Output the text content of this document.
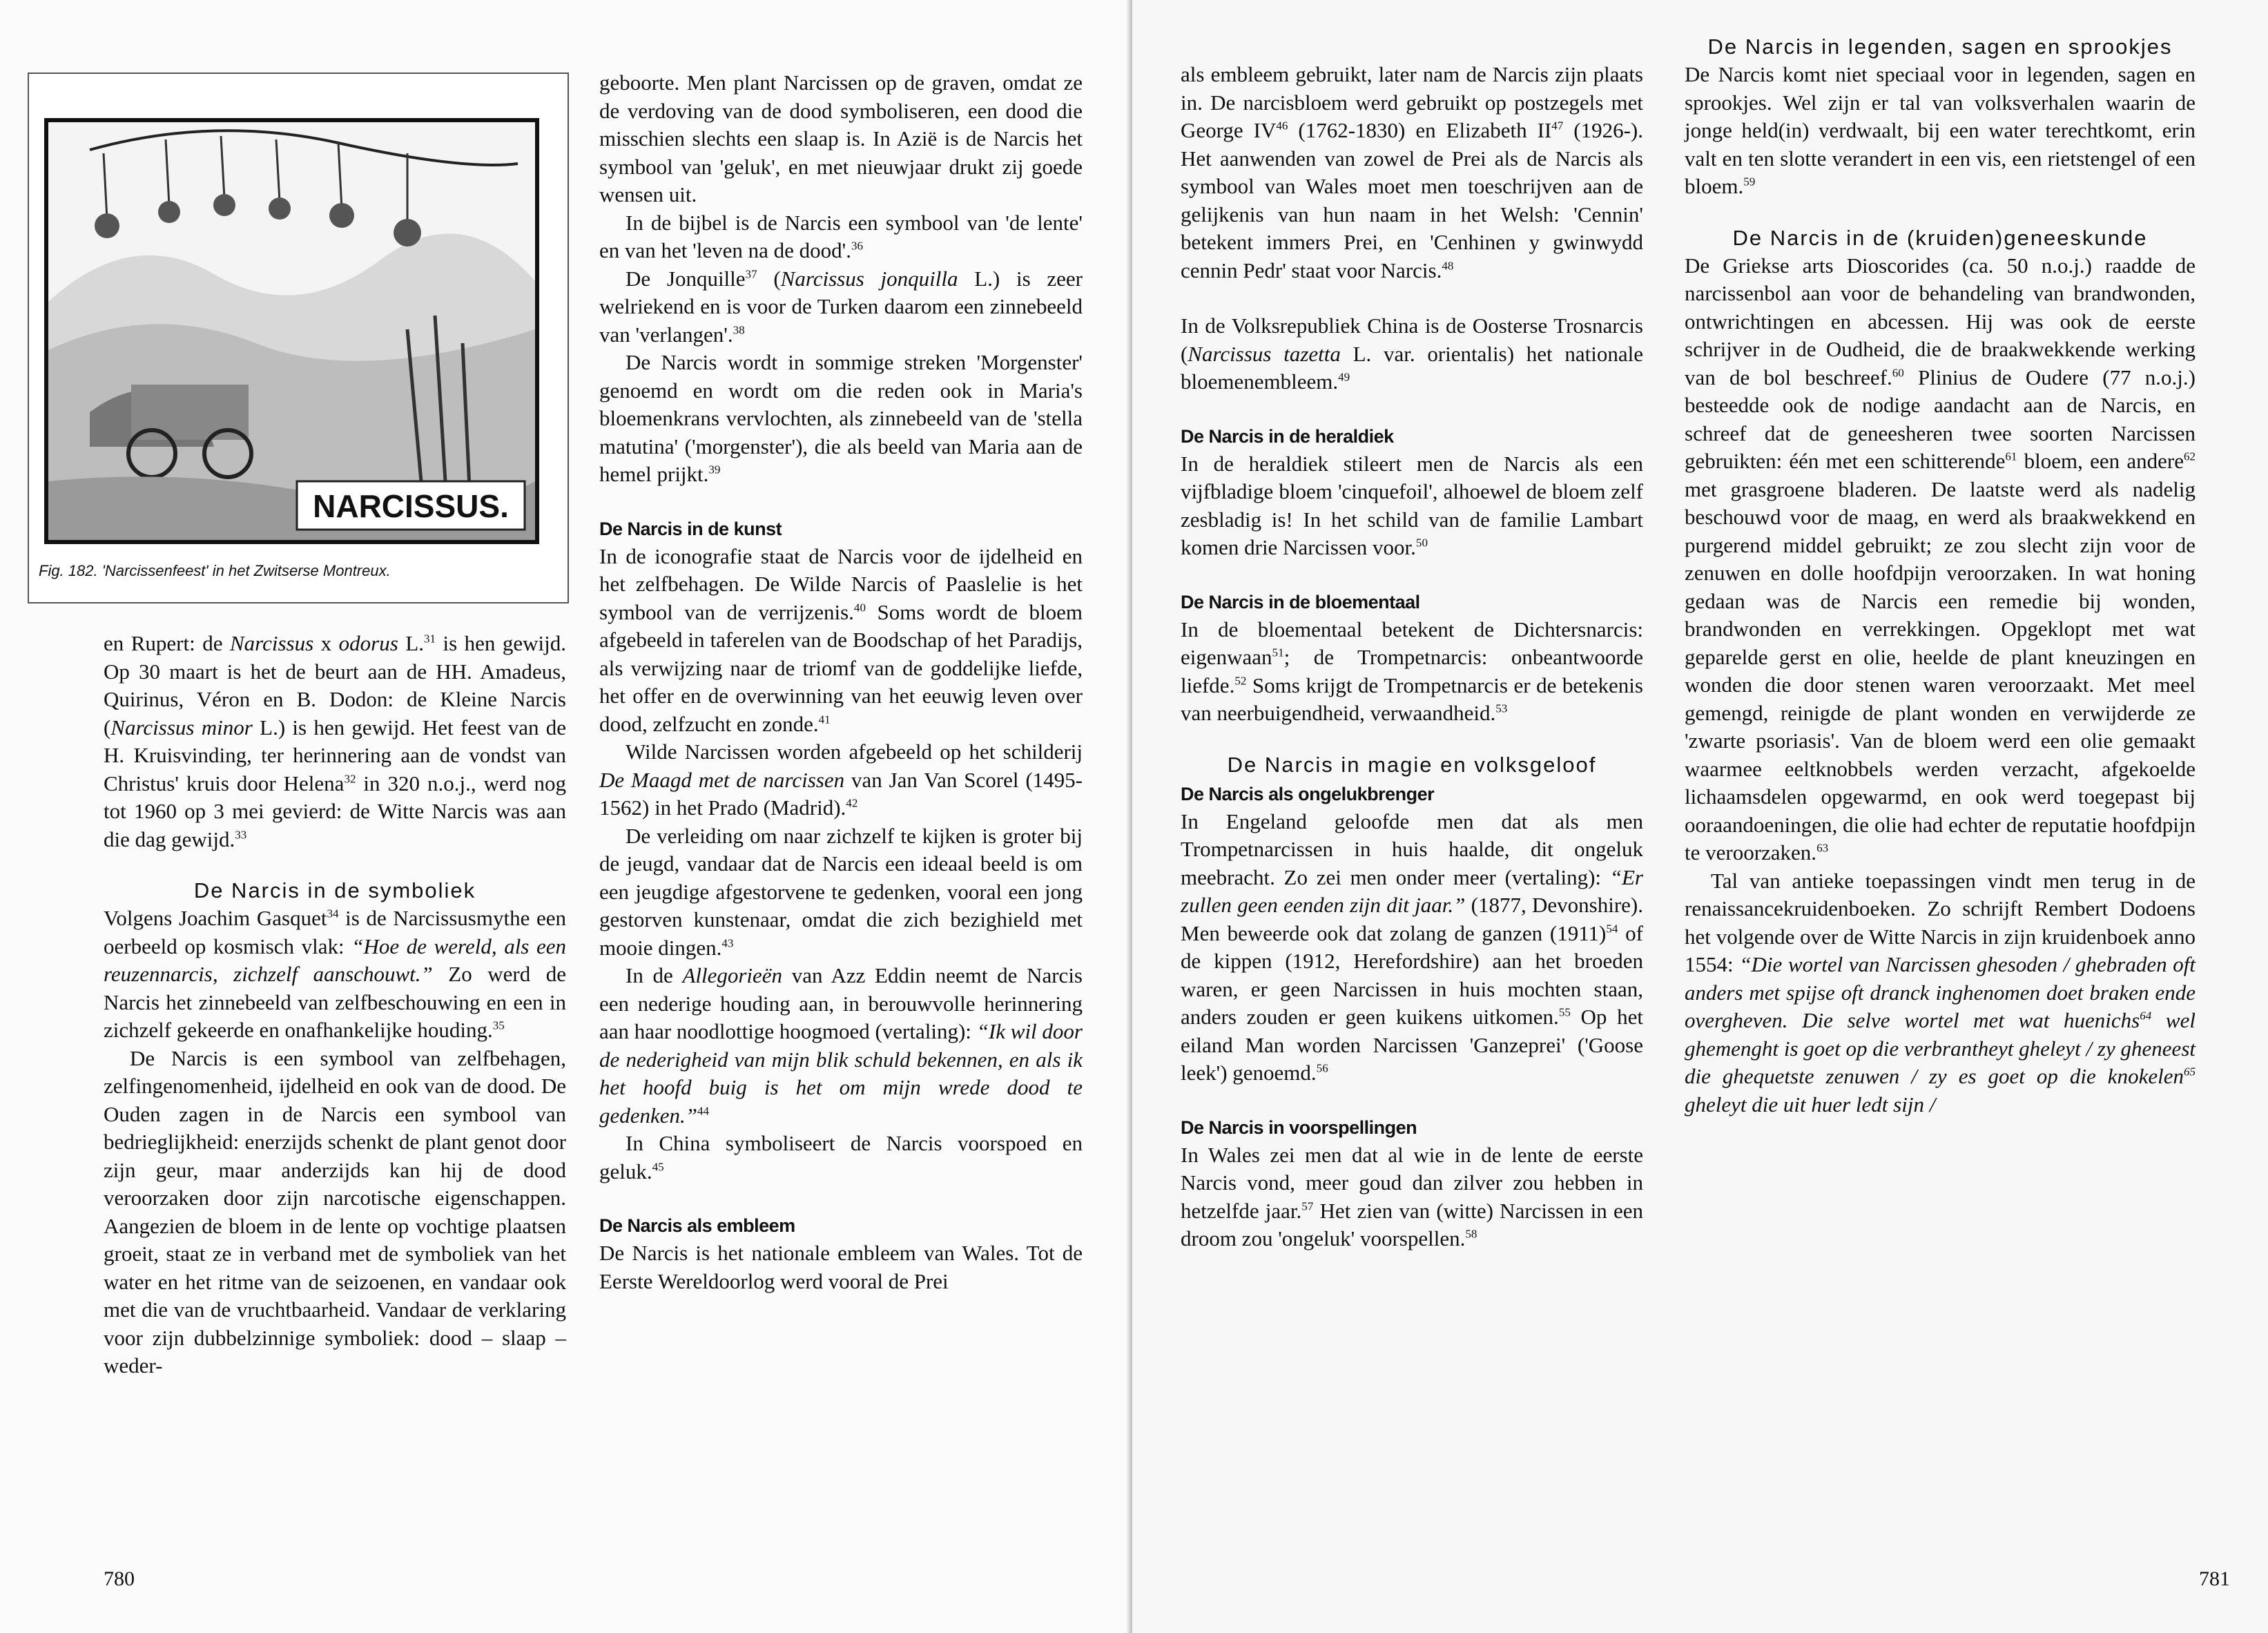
NARCISSUS.
Fig. 182. 'Narcissenfeest' in het Zwitserse Montreux.

en Rupert: de Narcissus x odorus L.$^{31}$ is hen gewijd. Op 30 maart is het de beurt aan de HH. Amadeus, Quirinus, Véron en B. Dodon: de Kleine Narcis (Narcissus minor L.) is hen gewijd. Het feest van de H. Kruisvinding, ter herinnering aan de vondst van Christus' kruis door Helena$^{32}$ in 320 n.o.j., werd nog tot 1960 op 3 mei gevierd: de Witte Narcis was aan die dag gewijd.$^{33}$

De Narcis in de symboliek

Volgens Joachim Gasquet$^{34}$ is de Narcissusmythe een oerbeeld op kosmisch vlak: “Hoe de wereld, als een reuzennarcis, zichzelf aanschouwt.” Zo werd de Narcis het zinnebeeld van zelfbeschouwing en een in zichzelf gekeerde en onafhankelijke houding.$^{35}$

De Narcis is een symbool van zelfbehagen, zelfingenomenheid, ijdelheid en ook van de dood. De Ouden zagen in de Narcis een symbool van bedrieglijkheid: enerzijds schenkt de plant genot door zijn geur, maar anderzijds kan hij de dood veroorzaken door zijn narcotische eigenschappen. Aangezien de bloem in de lente op vochtige plaatsen groeit, staat ze in verband met de symboliek van het water en het ritme van de seizoenen, en vandaar ook met die van de vruchtbaarheid. Vandaar de verklaring voor zijn dubbelzinnige symboliek: dood – slaap – weder-

geboorte. Men plant Narcissen op de graven, omdat ze de verdoving van de dood symboliseren, een dood die misschien slechts een slaap is. In Azië is de Narcis het symbool van 'geluk', en met nieuwjaar drukt zij goede wensen uit.

In de bijbel is de Narcis een symbool van 'de lente' en van het 'leven na de dood'.$^{36}$

De Jonquille$^{37}$ (Narcissus jonquilla L.) is zeer welriekend en is voor de Turken daarom een zinnebeeld van 'verlangen'.$^{38}$

De Narcis wordt in sommige streken 'Morgenster' genoemd en wordt om die reden ook in Maria's bloemenkrans vervlochten, als zinnebeeld van de 'stella matutina' ('morgenster'), die als beeld van Maria aan de hemel prijkt.$^{39}$

De Narcis in de kunst

In de iconografie staat de Narcis voor de ijdelheid en het zelfbehagen. De Wilde Narcis of Paaslelie is het symbool van de verrijzenis.$^{40}$ Soms wordt de bloem afgebeeld in taferelen van de Boodschap of het Paradijs, als verwijzing naar de triomf van de goddelijke liefde, het offer en de overwinning van het eeuwig leven over dood, zelfzucht en zonde.$^{41}$

Wilde Narcissen worden afgebeeld op het schilderij De Maagd met de narcissen van Jan Van Scorel (1495-1562) in het Prado (Madrid).$^{42}$

De verleiding om naar zichzelf te kijken is groter bij de jeugd, vandaar dat de Narcis een ideaal beeld is om een jeugdige afgestorvene te gedenken, vooral een jong gestorven kunstenaar, omdat die zich bezighield met mooie dingen.$^{43}$

In de Allegorieën van Azz Eddin neemt de Narcis een nederige houding aan, in berouwvolle herinnering aan haar noodlottige hoogmoed (vertaling): “Ik wil door de nederigheid van mijn blik schuld bekennen, en als ik het hoofd buig is het om mijn wrede dood te gedenken.”$^{44}$

In China symboliseert de Narcis voorspoed en geluk.$^{45}$

De Narcis als embleem

De Narcis is het nationale embleem van Wales. Tot de Eerste Wereldoorlog werd vooral de Prei

780

als embleem gebruikt, later nam de Narcis zijn plaats in. De narcisbloem werd gebruikt op postzegels met George IV$^{46}$ (1762-1830) en Elizabeth II$^{47}$ (1926-). Het aanwenden van zowel de Prei als de Narcis als symbool van Wales moet men toeschrijven aan de gelijkenis van hun naam in het Welsh: 'Cennin' betekent immers Prei, en 'Cenhinen y gwinwydd cennin Pedr' staat voor Narcis.$^{48}$

In de Volksrepubliek China is de Oosterse Trosnarcis (Narcissus tazetta L. var. orientalis) het nationale bloemenembleem.$^{49}$

De Narcis in de heraldiek

In de heraldiek stileert men de Narcis als een vijfbladige bloem 'cinquefoil', alhoewel de bloem zelf zesbladig is! In het schild van de familie Lambart komen drie Narcissen voor.$^{50}$

De Narcis in de bloementaal

In de bloementaal betekent de Dichtersnarcis: eigenwaan$^{51}$; de Trompetnarcis: onbeantwoorde liefde.$^{52}$ Soms krijgt de Trompetnarcis er de betekenis van neerbuigendheid, verwaandheid.$^{53}$

De Narcis in magie en volksgeloof
De Narcis als ongelukbrenger

In Engeland geloofde men dat als men Trompetnarcissen in huis haalde, dit ongeluk meebracht. Zo zei men onder meer (vertaling): “Er zullen geen eenden zijn dit jaar.” (1877, Devonshire). Men beweerde ook dat zolang de ganzen $(1911)^{54}$ of de kippen (1912, Herefordshire) aan het broeden waren, er geen Narcissen in huis mochten staan, anders zouden er geen kuikens uitkomen.$^{55}$ Op het eiland Man worden Narcissen 'Ganzeprei' ('Goose leek') genoemd.$^{56}$

De Narcis in voorspellingen

In Wales zei men dat al wie in de lente de eerste Narcis vond, meer goud dan zilver zou hebben in hetzelfde jaar.$^{57}$ Het zien van (witte) Narcissen in een droom zou 'ongeluk' voorspellen.$^{58}$

De Narcis in legenden, sagen en sprookjes

De Narcis komt niet speciaal voor in legenden, sagen en sprookjes. Wel zijn er tal van volksverhalen waarin de jonge held(in) verdwaalt, bij een water terechtkomt, erin valt en ten slotte verandert in een vis, een rietstengel of een bloem.$^{59}$

De Narcis in de (kruiden)geneeskunde

De Griekse arts Dioscorides (ca. 50 n.o.j.) raadde de narcissenbol aan voor de behandeling van brandwonden, ontwrichtingen en abcessen. Hij was ook de eerste schrijver in de Oudheid, die de braakwekkende werking van de bol beschreef.$^{60}$ Plinius de Oudere (77 n.o.j.) besteedde ook de nodige aandacht aan de Narcis, en schreef dat de geneesheren twee soorten Narcissen gebruikten: één met een schitterende$^{61}$ bloem, een andere$^{62}$ met grasgroene bladeren. De laatste werd als nadelig beschouwd voor de maag, en werd als braakwekkend en purgerend middel gebruikt; ze zou slecht zijn voor de zenuwen en dolle hoofdpijn veroorzaken. In wat honing gedaan was de Narcis een remedie bij wonden, brandwonden en verrekkingen. Opgeklopt met wat geparelde gerst en olie, heelde de plant kneuzingen en wonden die door stenen waren veroorzaakt. Met meel gemengd, reinigde de plant wonden en verwijderde ze 'zwarte psoriasis'. Van de bloem werd een olie gemaakt waarmee eeltknobbels werden verzacht, afgekoelde lichaamsdelen opgewarmd, en ook werd toegepast bij ooraandoeningen, die olie had echter de reputatie hoofdpijn te veroorzaken.$^{63}$

Tal van antieke toepassingen vindt men terug in de renaissancekruidenboeken. Zo schrijft Rembert Dodoens het volgende over de Witte Narcis in zijn kruidenboek anno 1554: “Die wortel van Narcissen ghesoden / ghebraden oft anders met spijse oft dranck inghenomen doet braken ende overgheven. Die selve wortel met wat huenichs$^{64}$ wel ghemenght is goet op die verbrantheyt gheleyt / zy gheneest die ghequetste zenuwen / zy es goet op die knokelen$^{65}$ gheleyt die uit huer ledt sijn /

781
